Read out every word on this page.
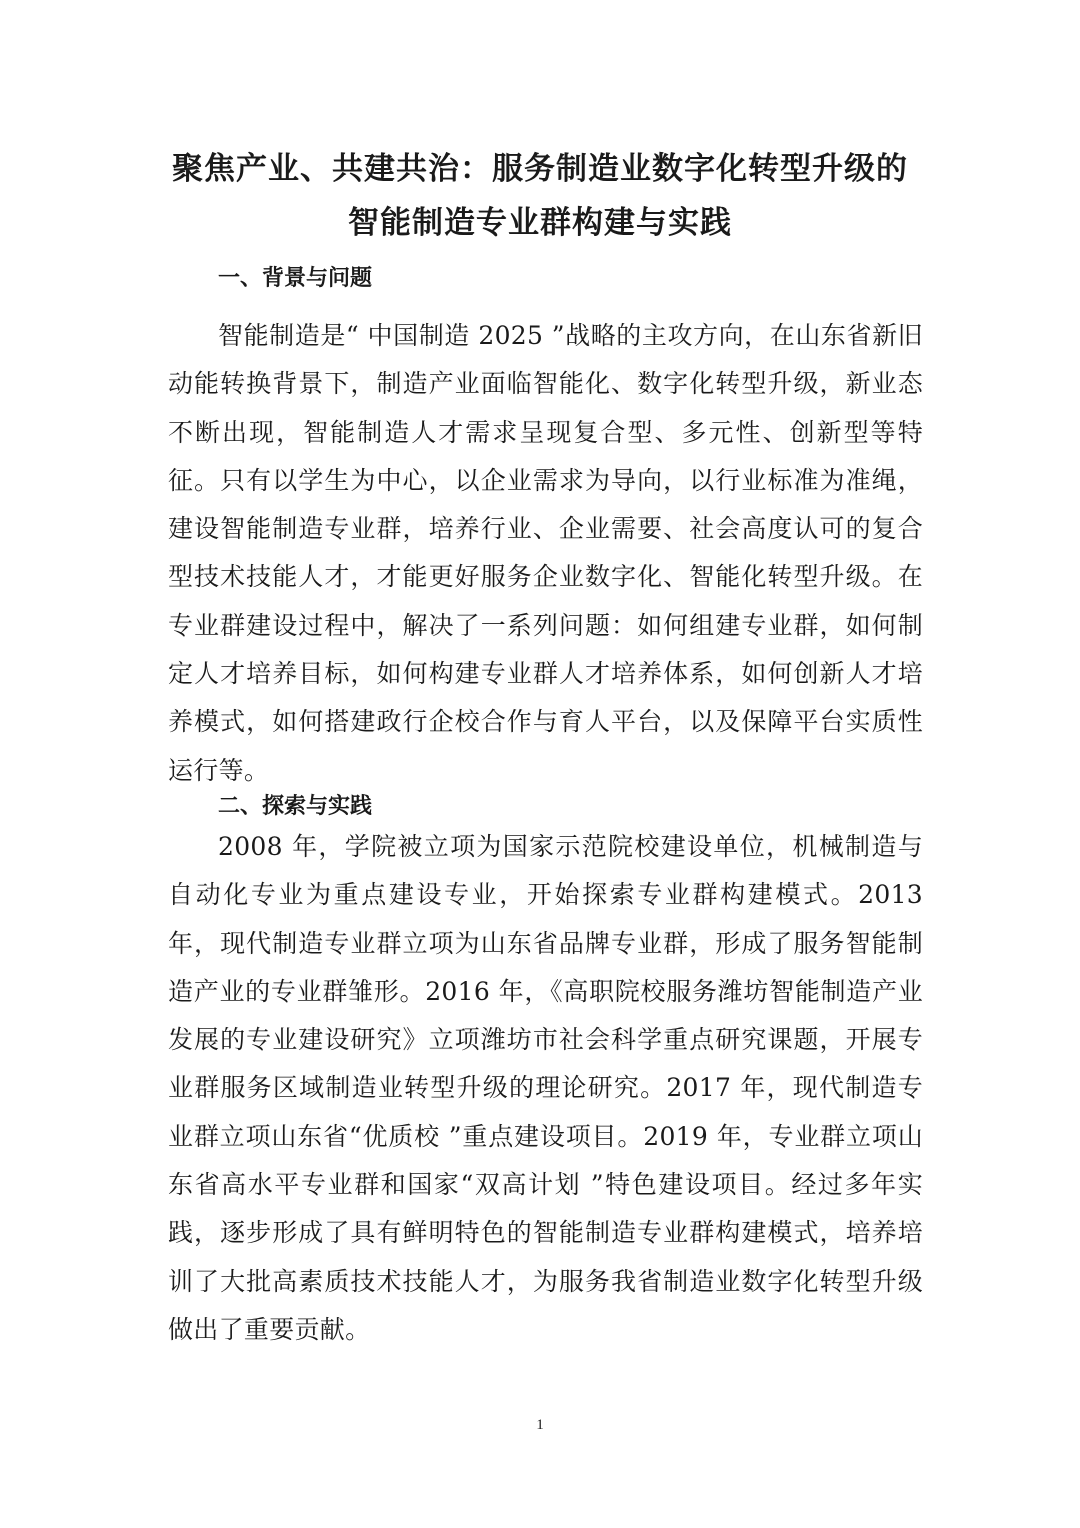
聚焦产业、共建共治：服务制造业数字化转型升级的
智能制造专业群构建与实践
一、背景与问题

智能制造是“ 中国制造 2025 ”战略的主攻方向，在山东省新旧动能转换背景下，制造产业面临智能化、数字化转型升级，新业态不断出现，智能制造人才需求呈现复合型、多元性、创新型等特征。只有以学生为中心，以企业需求为导向，以行业标准为准绳，建设智能制造专业群，培养行业、企业需要、社会高度认可的复合型技术技能人才，才能更好服务企业数字化、智能化转型升级。在专业群建设过程中，解决了一系列问题：如何组建专业群，如何制定人才培养目标，如何构建专业群人才培养体系，如何创新人才培养模式，如何搭建政行企校合作与育人平台，以及保障平台实质性运行等。

二、探索与实践

2008 年，学院被立项为国家示范院校建设单位，机械制造与 自动化专业为重点建设专业，开始探索专业群构建模式。2013 年，现代制造专业群立项为山东省品牌专业群，形成了服务智能制造产业的专业群雏形。2016 年，《高职院校服务潍坊智能制造产业发展的专业建设研究》立项潍坊市社会科学重点研究课题，开展专业群服务区域制造业转型升级的理论研究。2017 年，现代制造专业群立项山东省“优质校 ”重点建设项目。2019 年，专业群立项山东省高水平专业群和国家“双高计划 ”特色建设项目。经过多年实践，逐步形成了具有鲜明特色的智能制造专业群构建模式，培养培训了大批高素质技术技能人才，为服务我省制造业数字化转型升级做出了重要贡献。

1
